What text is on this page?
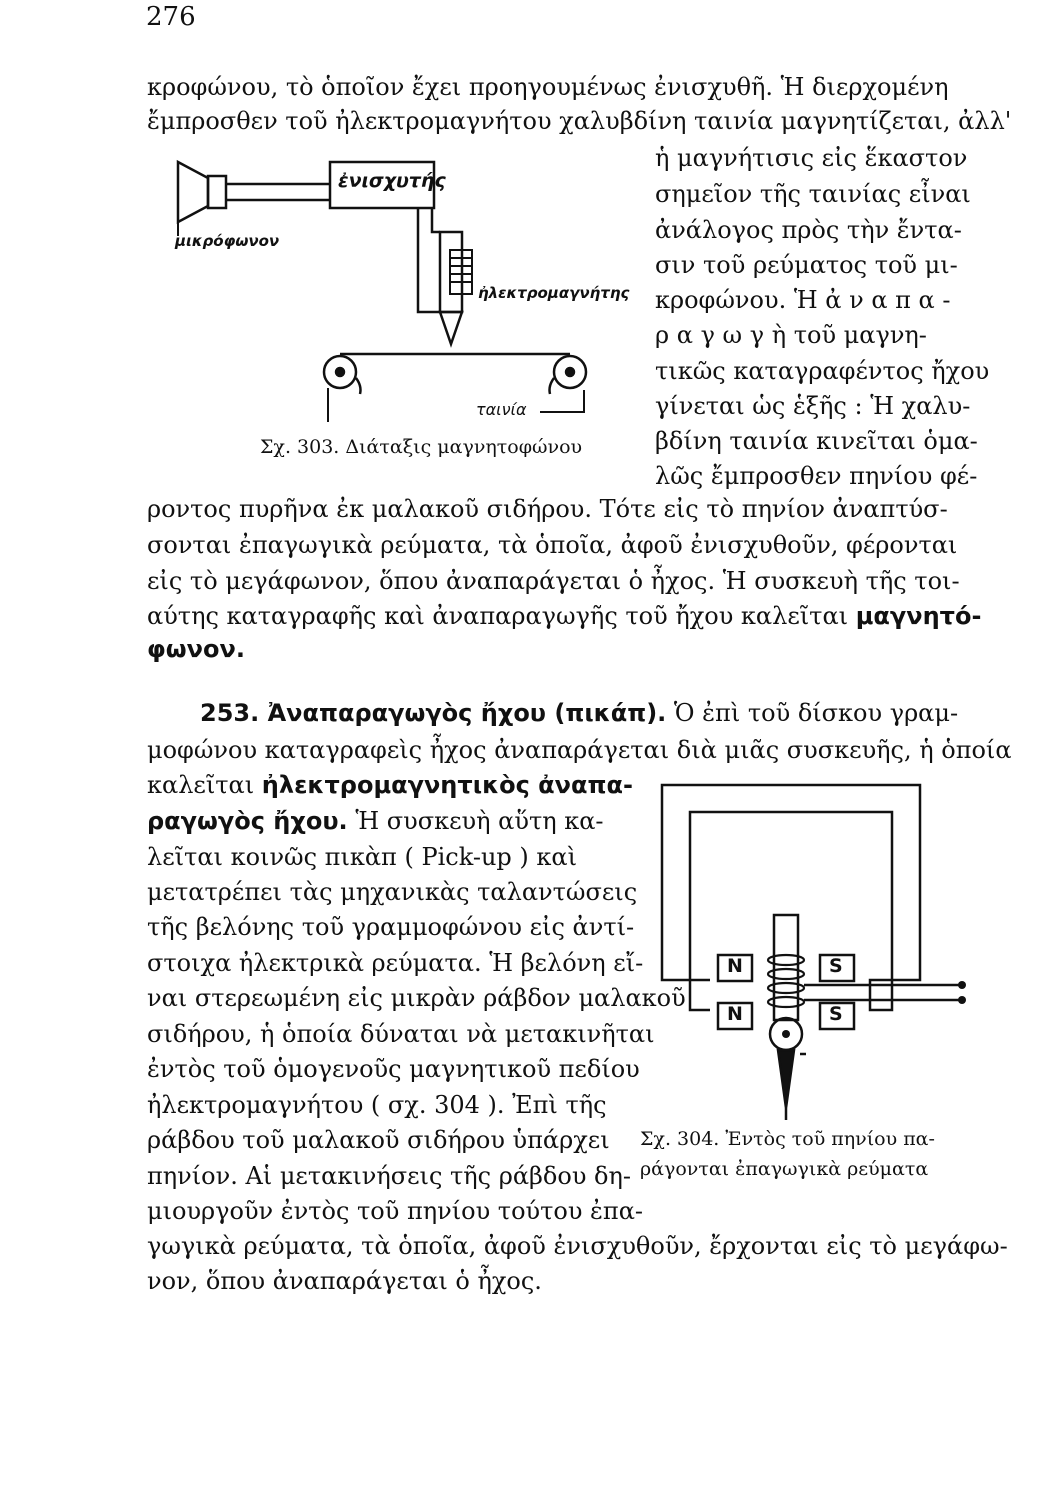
276
κροφώνου, τὸ ὁποῖον ἔχει προηγουμένως ἐνισχυθῆ. Ἡ διερχομένη
ἔμπροσθεν τοῦ ἠλεκτρομαγνήτου χαλυβδίνη ταινία μαγνητίζεται, ἀλλ'
ἡ μαγνήτισις εἰς ἕκαστον
σημεῖον τῆς ταινίας εἶναι
ἀνάλογος πρὸς τὴν ἔντα-
σιν τοῦ ρεύματος τοῦ μι-
κροφώνου. Ἡ ἀ ν α π α -
ρ α γ ω γ ὴ τοῦ μαγνη-
τικῶς καταγραφέντος ἤχου
γίνεται ὡς ἑξῆς : Ἡ χαλυ-
βδίνη ταινία κινεῖται ὁμα-
λῶς ἔμπροσθεν πηνίου φέ-
ἐνισχυτής
μικρόφωνον
ἠλεκτρομαγνήτης
ταινία
Σχ. 303. Διάταξις μαγνητοφώνου
ροντος πυρῆνα ἐκ μαλακοῦ σιδήρου. Τότε εἰς τὸ πηνίον ἀναπτύσ-
σονται ἐπαγωγικὰ ρεύματα, τὰ ὁποῖα, ἀφοῦ ἐνισχυθοῦν, φέρονται
εἰς τὸ μεγάφωνον, ὅπου ἀναπαράγεται ὁ ἦχος. Ἡ συσκευὴ τῆς τοι-
αύτης καταγραφῆς καὶ ἀναπαραγωγῆς τοῦ ἤχου καλεῖται μαγνητό-
φωνον.
253. Ἀναπαραγωγὸς ἤχου (πικάπ). Ὁ ἐπὶ τοῦ δίσκου γραμ-
μοφώνου καταγραφεὶς ἦχος ἀναπαράγεται διὰ μιᾶς συσκευῆς, ἡ ὁποία
καλεῖται ἠλεκτρομαγνητικὸς ἀναπα-
ραγωγὸς ἤχου. Ἡ συσκευὴ αὕτη κα-
λεῖται κοινῶς πικὰπ ( Pick-up ) καὶ
μετατρέπει τὰς μηχανικὰς ταλαντώσεις
τῆς βελόνης τοῦ γραμμοφώνου εἰς ἀντί-
στοιχα ἠλεκτρικὰ ρεύματα. Ἡ βελόνη εἴ-
ναι στερεωμένη εἰς μικρὰν ράβδον μαλακοῦ
σιδήρου, ἡ ὁποία δύναται νὰ μετακινῆται
ἐντὸς τοῦ ὁμογενοῦς μαγνητικοῦ πεδίου
ἠλεκτρομαγνήτου ( σχ. 304 ). Ἐπὶ τῆς
ράβδου τοῦ μαλακοῦ σιδήρου ὑπάρχει
πηνίον. Αἱ μετακινήσεις τῆς ράβδου δη-
μιουργοῦν ἐντὸς τοῦ πηνίου τούτου ἐπα-
N	S
N	S
Σχ. 304. Ἐντὸς τοῦ πηνίου πα-
ράγονται ἐπαγωγικὰ ρεύματα
γωγικὰ ρεύματα, τὰ ὁποῖα, ἀφοῦ ἐνισχυθοῦν, ἔρχονται εἰς τὸ μεγάφω-
νον, ὅπου ἀναπαράγεται ὁ ἦχος.
